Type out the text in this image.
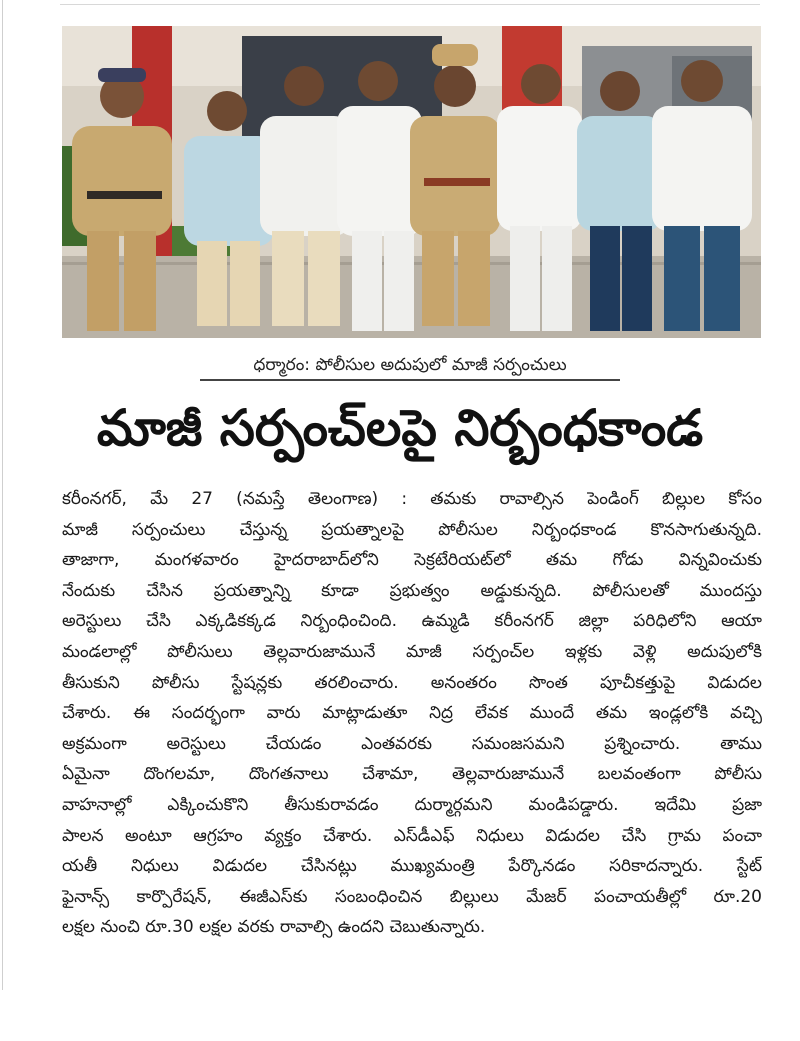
ధర్మారం: పోలీసుల అదుపులో మాజీ సర్పంచులు
మాజీ సర్పంచ్‌లపై నిర్బంధకాండ

కరీంనగర్, మే 27 (నమస్తే తెలంగాణ) : తమకు రావాల్సిన పెండింగ్ బిల్లుల కోసం

మాజీ సర్పంచులు చేస్తున్న ప్రయత్నాలపై పోలీసుల నిర్బంధకాండ కొనసాగుతున్నది.

తాజాగా, మంగళవారం హైదరాబాద్‌లోని సెక్రటేరియట్‌లో తమ గోడు విన్నవించుకు

నేందుకు చేసిన ప్రయత్నాన్ని కూడా ప్రభుత్వం అడ్డుకున్నది. పోలీసులతో ముందస్తు

అరెస్టులు చేసి ఎక్కడికక్కడ నిర్బంధించింది. ఉమ్మడి కరీంనగర్ జిల్లా పరిధిలోని ఆయా

మండలాల్లో పోలీసులు తెల్లవారుజామునే మాజీ సర్పంచ్‌ల ఇళ్లకు వెళ్లి అదుపులోకి

తీసుకుని పోలీసు స్టేషన్లకు తరలించారు. అనంతరం సొంత పూచీకత్తుపై విడుదల

చేశారు. ఈ సందర్భంగా వారు మాట్లాడుతూ నిద్ర లేవక ముందే తమ ఇండ్లలోకి వచ్చి

అక్రమంగా అరెస్టులు చేయడం ఎంతవరకు సమంజసమని ప్రశ్నించారు. తాము

ఏమైనా దొంగలమా, దొంగతనాలు చేశామా, తెల్లవారుజామునే బలవంతంగా పోలీసు

వాహనాల్లో ఎక్కించుకొని తీసుకురావడం దుర్మార్గమని మండిపడ్డారు. ఇదేమి ప్రజా

పాలన అంటూ ఆగ్రహం వ్యక్తం చేశారు. ఎస్‌డీఎఫ్ నిధులు విడుదల చేసి గ్రామ పంచా

యతీ నిధులు విడుదల చేసినట్లు ముఖ్యమంత్రి పేర్కొనడం సరికాదన్నారు. స్టేట్

ఫైనాన్స్ కార్పొరేషన్, ఈజీఎస్‌కు సంబంధించిన బిల్లులు మేజర్ పంచాయతీల్లో రూ.20

లక్షల నుంచి రూ.30 లక్షల వరకు రావాల్సి ఉందని చెబుతున్నారు.
